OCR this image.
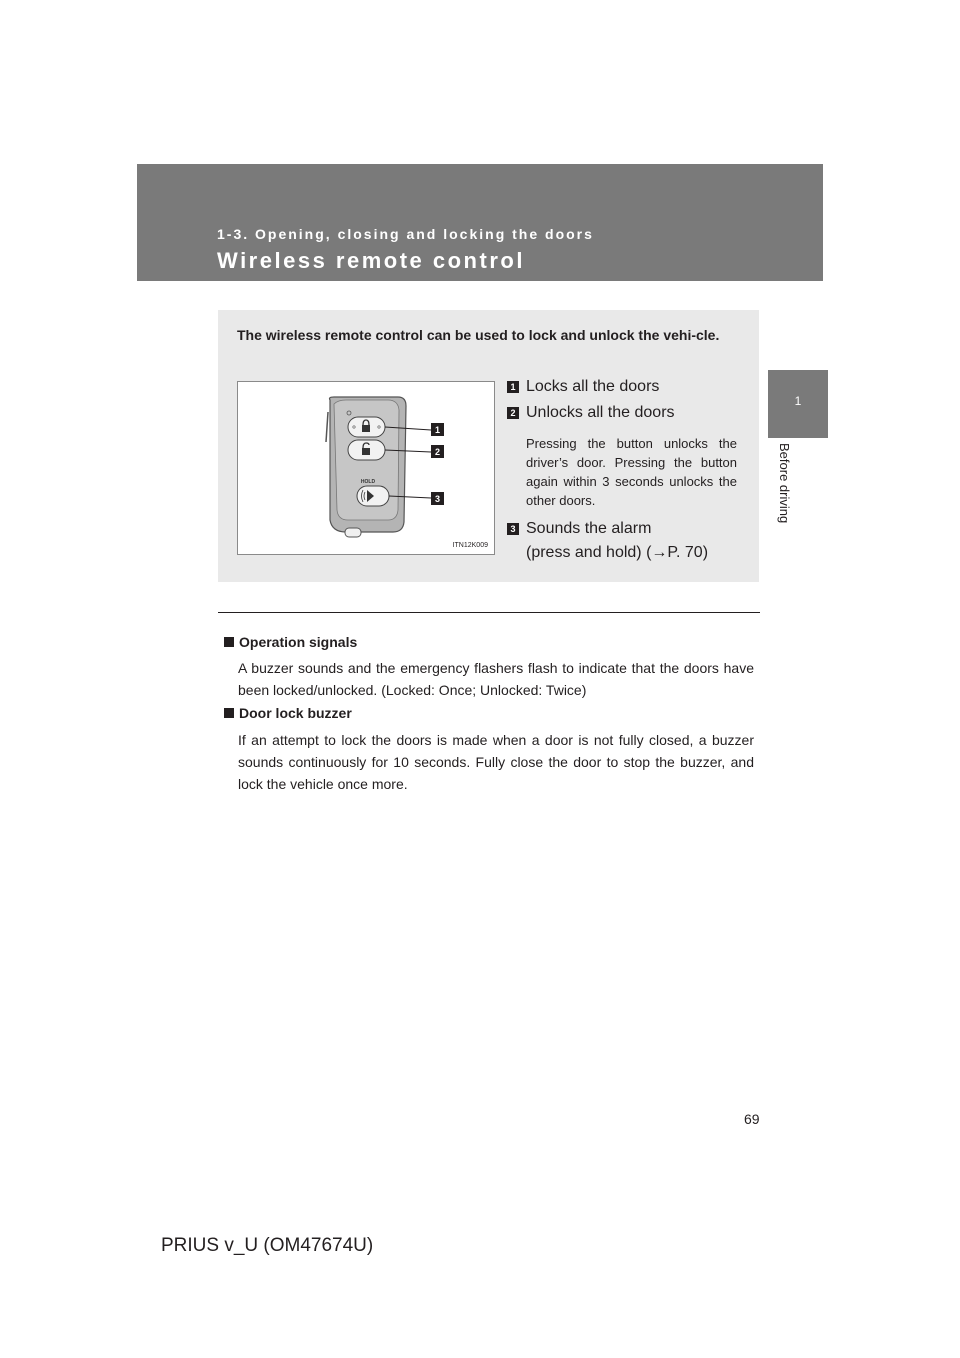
1-3. Opening, closing and locking the doors
Wireless remote control
1
Before driving
The wireless remote control can be used to lock and unlock the vehi-cle.
HOLD
1
2
3
ITN12K009
1 Locks all the doors
2 Unlocks all the doors
Pressing the button unlocks the driver’s door. Pressing the button again within 3 seconds unlocks the other doors.
3 Sounds the alarm
(press and hold) (→P. 70)
Operation signals
A buzzer sounds and the emergency flashers flash to indicate that the doors have been locked/unlocked. (Locked: Once; Unlocked: Twice)
Door lock buzzer
If an attempt to lock the doors is made when a door is not fully closed, a buzzer sounds continuously for 10 seconds. Fully close the door to stop the buzzer, and lock the vehicle once more.
69
PRIUS v_U (OM47674U)
